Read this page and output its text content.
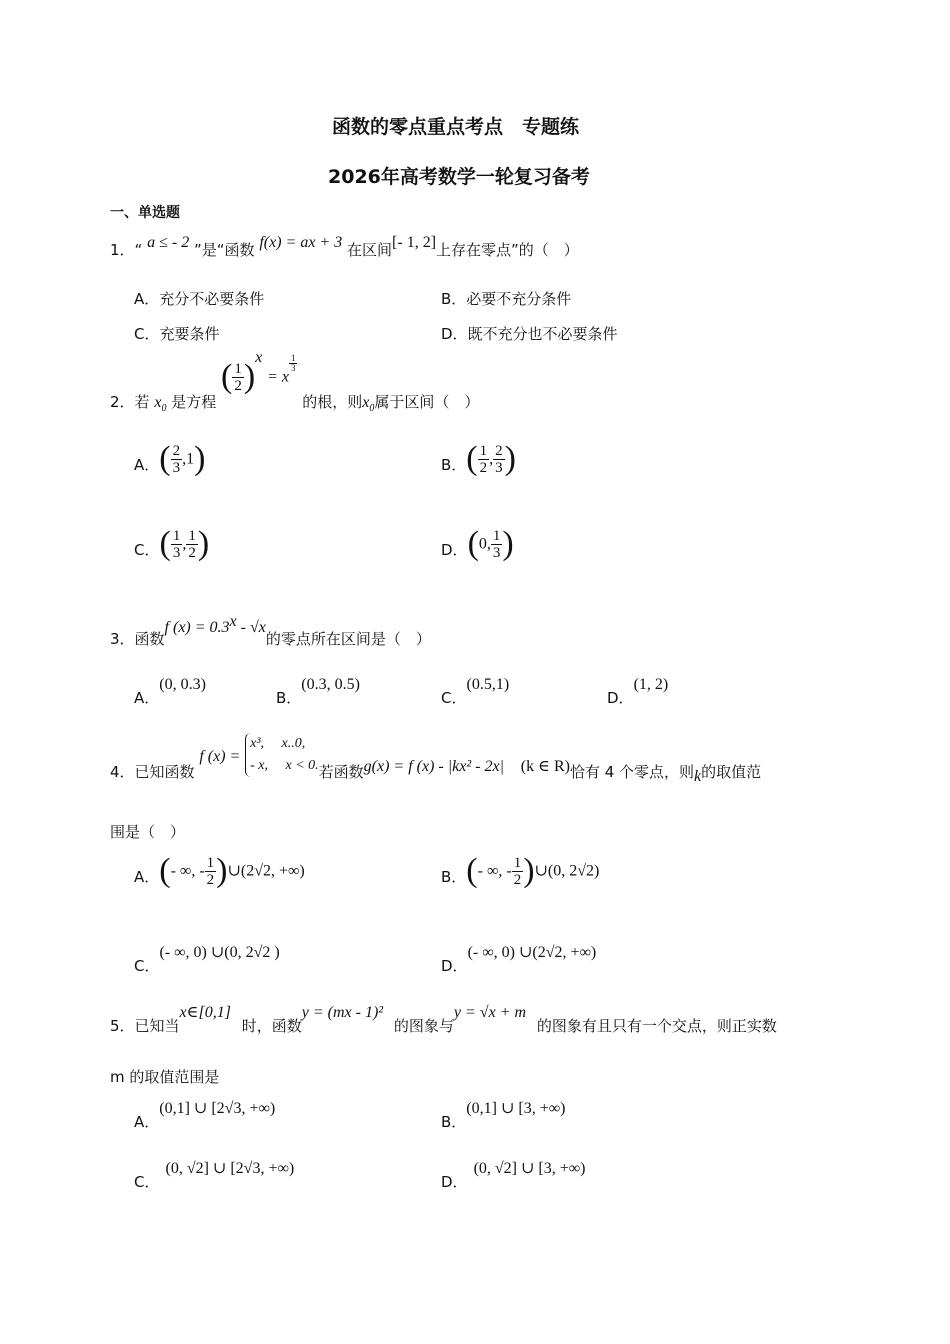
函数的零点重点考点　专题练
2026年高考数学一轮复习备考
一、单选题
1．“ a ≤ - 2 ”是“函数 f(x) = ax + 3 在区间[- 1, 2]上存在零点”的（　）
A．充分不必要条件	B．必要不充分条件
C．充要条件	D．既不充分也不必要条件
2．若 $x_0$ 是方程 ( $\frac{1}{2} )^x = x$
$\frac{1}{3}$
的根，则$x_0$属于区间（　）
A．( $\frac{2}{3} ,1$)	B．( $\frac{1}{2}$ , $\frac{2}{3}$ )
C．( $\frac{1}{3}$ , $\frac{1}{2}$ )	D．(0, $\frac{1}{3}$ )
3．函数f $(x) = 0.3^x - √x$的零点所在区间是（　）
A．(0, 0.3)
B．(0.3, 0.5)
C．(0.5,1)
D．(1, 2)
4．已知函数 f (x) =
x³,　 x..0,
- x,　 x < 0. 若函数g(x) = f (x) - |kx² - 2x| (k ∈ R)恰有 4 个零点，则k的取值范
围是（　）
A．(- ∞, - $\frac{1}{2}$ )∪(2√2, +∞)	B．(- ∞, - $\frac{1}{2}$ )∪(0, 2√2)
C．(- ∞, 0) ∪(0, 2√2 )
D．(- ∞, 0) ∪(2√2, +∞)
5．已知当x∈[0,1] 时，函数y = (mx - 1)² 的图象与y = √x + m 的图象有且只有一个交点，则正实数
m 的取值范围是
A．(0,1] ∪ [2√3, +∞)
B．(0,1] ∪ [3, +∞)
C．(0, √2] ∪ [2√3, +∞)
D．(0, √2] ∪ [3, +∞)
